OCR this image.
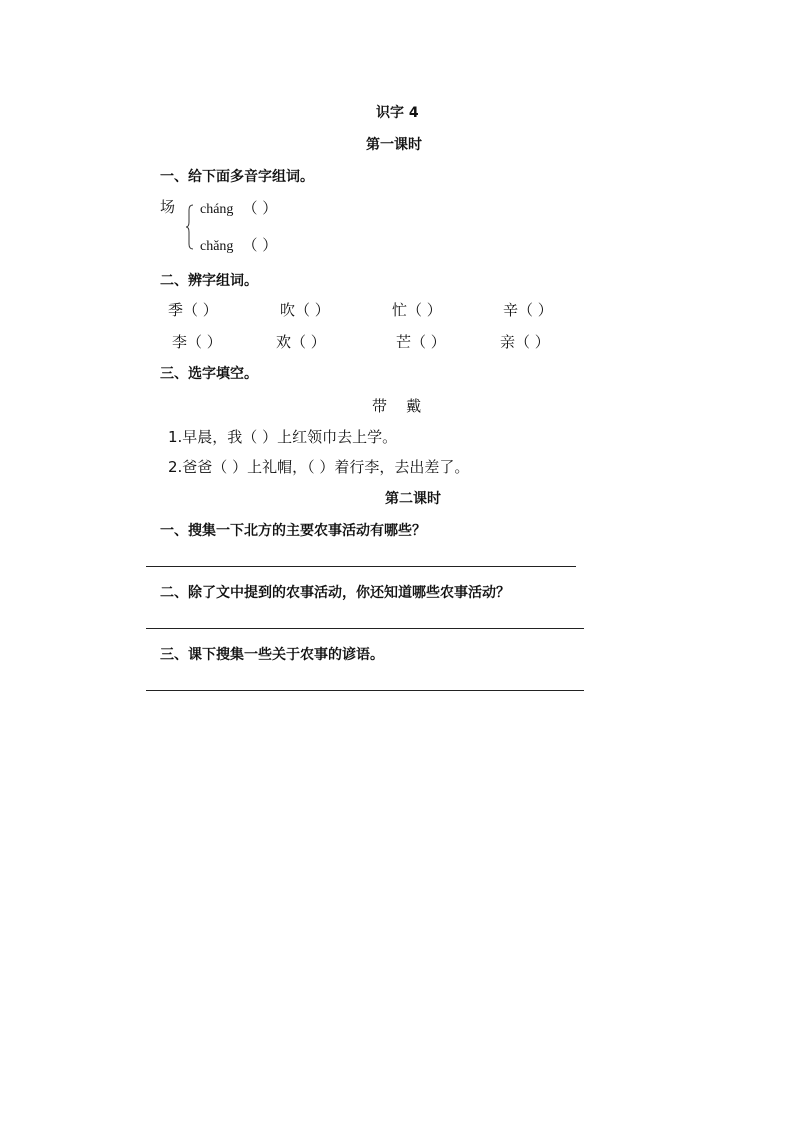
识字 4
第一课时
一、给下面多音字组词。
场 cháng （ ）
chǎng （ ）
二、辨字组词。
季（ ）	吹（ ）	忙（ ）	辛（ ）
李（ ）	欢（ ）	芒（ ）	亲（ ）
三、选字填空。
带    戴
1.早晨，我（ ）上红领巾去上学。
2.爸爸（ ）上礼帽，（ ）着行李，去出差了。
第二课时
一、搜集一下北方的主要农事活动有哪些？
二、除了文中提到的农事活动，你还知道哪些农事活动？
三、课下搜集一些关于农事的谚语。
